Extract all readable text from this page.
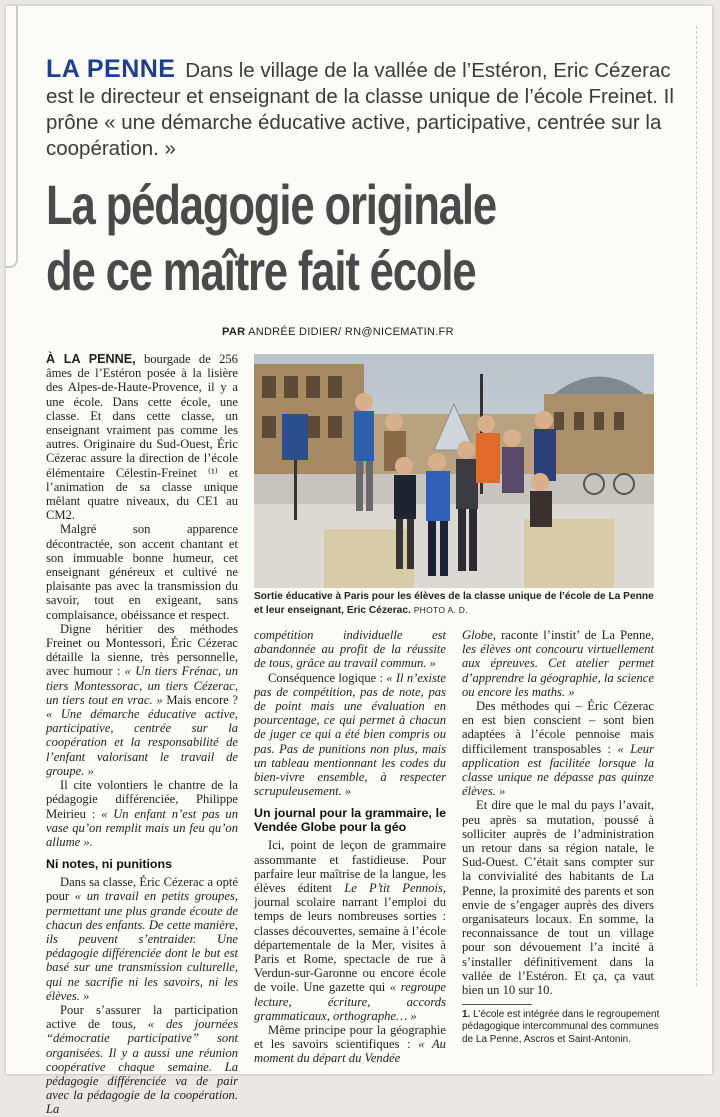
LA PENNE Dans le village de la vallée de l’Estéron, Eric Cézerac est le directeur et enseignant de la classe unique de l’école Freinet. Il prône « une démarche éducative active, participative, centrée sur la coopération. »
La pédagogie originale
de ce maître fait école
PAR ANDRÉE DIDIER/ RN@NICEMATIN.FR

À LA PENNE, bourgade de 256 âmes de l’Estéron posée à la lisière des Alpes-de-Haute-Provence, il y a une école. Dans cette école, une classe. Et dans cette classe, un enseignant vraiment pas comme les autres. Originaire du Sud-Ouest, Éric Cézerac assure la direction de l’école élémentaire Célestin-Freinet ⁽¹⁾ et l’animation de sa classe unique mêlant quatre niveaux, du CE1 au CM2.

Malgré son apparence décontractée, son accent chantant et son immuable bonne humeur, cet enseignant généreux et cultivé ne plaisante pas avec la transmission du savoir, tout en exigeant, sans complaisance, obéissance et respect.

Digne héritier des méthodes Freinet ou Montessori, Éric Cézerac détaille la sienne, très personnelle, avec humour : « Un tiers Frénac, un tiers Montessorac, un tiers Cézerac, un tiers tout en vrac. » Mais encore ? « Une démarche éducative active, participative, centrée sur la coopération et la responsabilité de l’enfant valorisant le travail de groupe. »

Il cite volontiers le chantre de la pédagogie différenciée, Philippe Meirieu : « Un enfant n’est pas un vase qu’on remplit mais un feu qu’on allume ».

Ni notes, ni punitions

Dans sa classe, Éric Cézerac a opté pour « un travail en petits groupes, permettant une plus grande écoute de chacun des enfants. De cette manière, ils peuvent s’entraider. Une pédagogie différenciée dont le but est basé sur une transmission culturelle, qui ne sacrifie ni les savoirs, ni les élèves. »

Pour s’assurer la participation active de tous, « des journées “démocratie participative” sont organisées. Il y a aussi une réunion coopérative chaque semaine. La pédagogie différenciée va de pair avec la pédagogie de la coopération. La

Sortie éducative à Paris pour les élèves de la classe unique de l’école de La Penne et leur enseignant, Eric Cézerac. PHOTO A. D.

compétition individuelle est abandonnée au profit de la réussite de tous, grâce au travail commun. »

Conséquence logique : « Il n’existe pas de compétition, pas de note, pas de point mais une évaluation en pourcentage, ce qui permet à chacun de juger ce qui a été bien compris ou pas. Pas de punitions non plus, mais un tableau mentionnant les codes du bien-vivre ensemble, à respecter scrupuleusement. »

Un journal pour la grammaire, le Vendée Globe pour la géo

Ici, point de leçon de grammaire assommante et fastidieuse. Pour parfaire leur maîtrise de la langue, les élèves éditent Le P’tit Pennois, journal scolaire narrant l’emploi du temps de leurs nombreuses sorties : classes découvertes, semaine à l’école départementale de la Mer, visites à Paris et Rome, spectacle de rue à Verdun-sur-Garonne ou encore école de voile. Une gazette qui « regroupe lecture, écriture, accords grammaticaux, orthographe… »

Même principe pour la géographie et les savoirs scientifiques : « Au moment du départ du Vendée

Globe, raconte l’instit’ de La Penne, les élèves ont concouru virtuellement aux épreuves. Cet atelier permet d’apprendre la géographie, la science ou encore les maths. »

Des méthodes qui – Éric Cézerac en est bien conscient – sont bien adaptées à l’école pennoise mais difficilement transposables : « Leur application est facilitée lorsque la classe unique ne dépasse pas quinze élèves. »

Et dire que le mal du pays l’avait, peu après sa mutation, poussé à solliciter auprès de l’administration un retour dans sa région natale, le Sud-Ouest. C’était sans compter sur la convivialité des habitants de La Penne, la proximité des parents et son envie de s’engager auprès des divers organisateurs locaux. En somme, la reconnaissance de tout un village pour son dévouement l’a incité à s’installer définitivement dans la vallée de l’Estéron. Et ça, ça vaut bien un 10 sur 10.

1. L’école est intégrée dans le regroupement pédagogique intercommunal des communes de La Penne, Ascros et Saint-Antonin.
